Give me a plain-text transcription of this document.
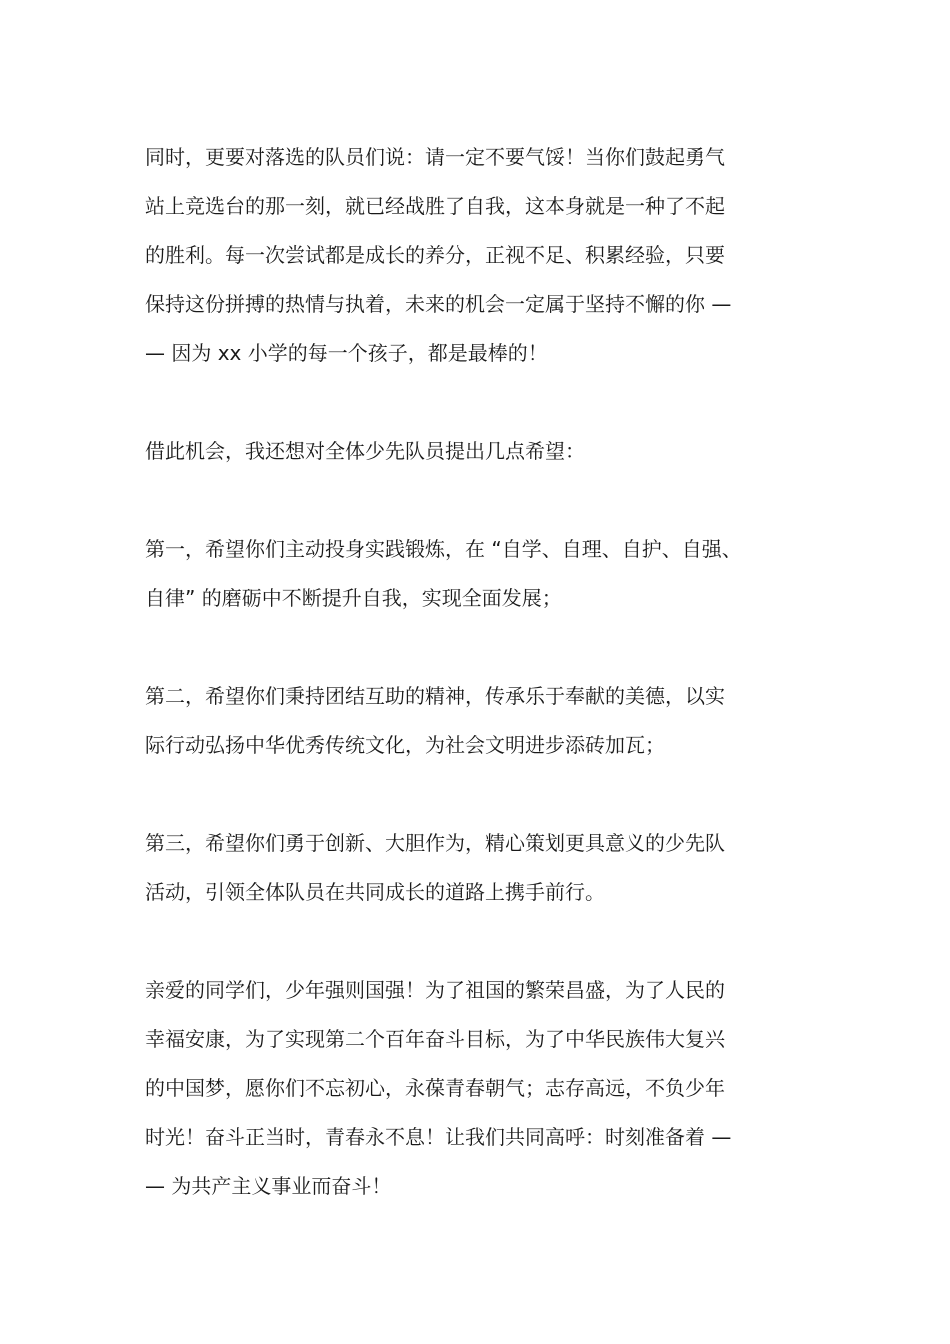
同时，更要对落选的队员们说：请一定不要气馁！当你们鼓起勇气
站上竞选台的那一刻，就已经战胜了自我，这本身就是一种了不起
的胜利。每一次尝试都是成长的养分，正视不足、积累经验，只要
保持这份拼搏的热情与执着，未来的机会一定属于坚持不懈的你 —
— 因为 xx 小学的每一个孩子，都是最棒的！
借此机会，我还想对全体少先队员提出几点希望：
第一，希望你们主动投身实践锻炼，在 “自学、自理、自护、自强、
自律” 的磨砺中不断提升自我，实现全面发展；
第二，希望你们秉持团结互助的精神，传承乐于奉献的美德，以实
际行动弘扬中华优秀传统文化，为社会文明进步添砖加瓦；
第三，希望你们勇于创新、大胆作为，精心策划更具意义的少先队
活动，引领全体队员在共同成长的道路上携手前行。
亲爱的同学们，少年强则国强！为了祖国的繁荣昌盛，为了人民的
幸福安康，为了实现第二个百年奋斗目标，为了中华民族伟大复兴
的中国梦，愿你们不忘初心，永葆青春朝气；志存高远，不负少年
时光！奋斗正当时，青春永不息！让我们共同高呼：时刻准备着 —
— 为共产主义事业而奋斗！
